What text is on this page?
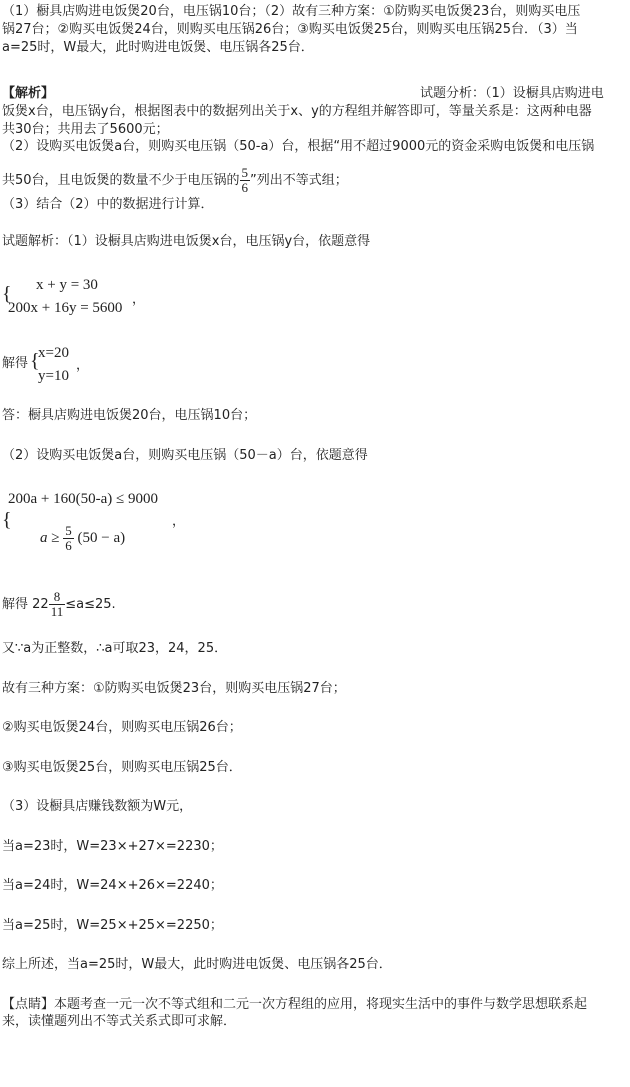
（1）橱具店购进电饭煲20台，电压锅10台；（2）故有三种方案：①防购买电饭煲23台，则购买电压
锅27台；②购买电饭煲24台，则购买电压锅26台；③购买电饭煲25台，则购买电压锅25台．（3）当
a=25时，W最大，此时购进电饭煲、电压锅各25台．
【解析】	试题分析：（1）设橱具店购进电
饭煲x台，电压锅y台，根据图表中的数据列出关于x、y的方程组并解答即可，等量关系是：这两种电器
共30台；共用去了5600元；
（2）设购买电饭煲a台，则购买电压锅（50-a）台，根据“用不超过9000元的资金采购电饭煲和电压锅
共50台，且电饭煲的数量不少于电压锅的 $\frac{5}{6}$ ”列出不等式组；
（3）结合（2）中的数据进行计算．
试题解析：（1）设橱具店购进电饭煲x台，电压锅y台，依题意得
{ x + y = 30
200x + 16y = 5600
，
解得 {
x=20
y=10
，
答：橱具店购进电饭煲20台，电压锅10台；
（2）设购买电饭煲a台，则购买电压锅（50－a）台，依题意得
200a + 160(50-a) ≤ 9000
{
$a \ge \frac{5}{6} (50 - a)$
，
解得 $22 \frac{8}{11} \le a\le 25$.
又∵a为正整数，∴a可取23，24，25．
故有三种方案：①防购买电饭煲23台，则购买电压锅27台；
②购买电饭煲24台，则购买电压锅26台；
③购买电饭煲25台，则购买电压锅25台．
（3）设橱具店赚钱数额为W元，
当a=23时，W=23×+27×=2230；
当a=24时，W=24×+26×=2240；
当a=25时，W=25×+25×=2250；
综上所述，当a=25时，W最大，此时购进电饭煲、电压锅各25台．
【点睛】本题考查一元一次不等式组和二元一次方程组的应用，将现实生活中的事件与数学思想联系起
来，读懂题列出不等式关系式即可求解．
